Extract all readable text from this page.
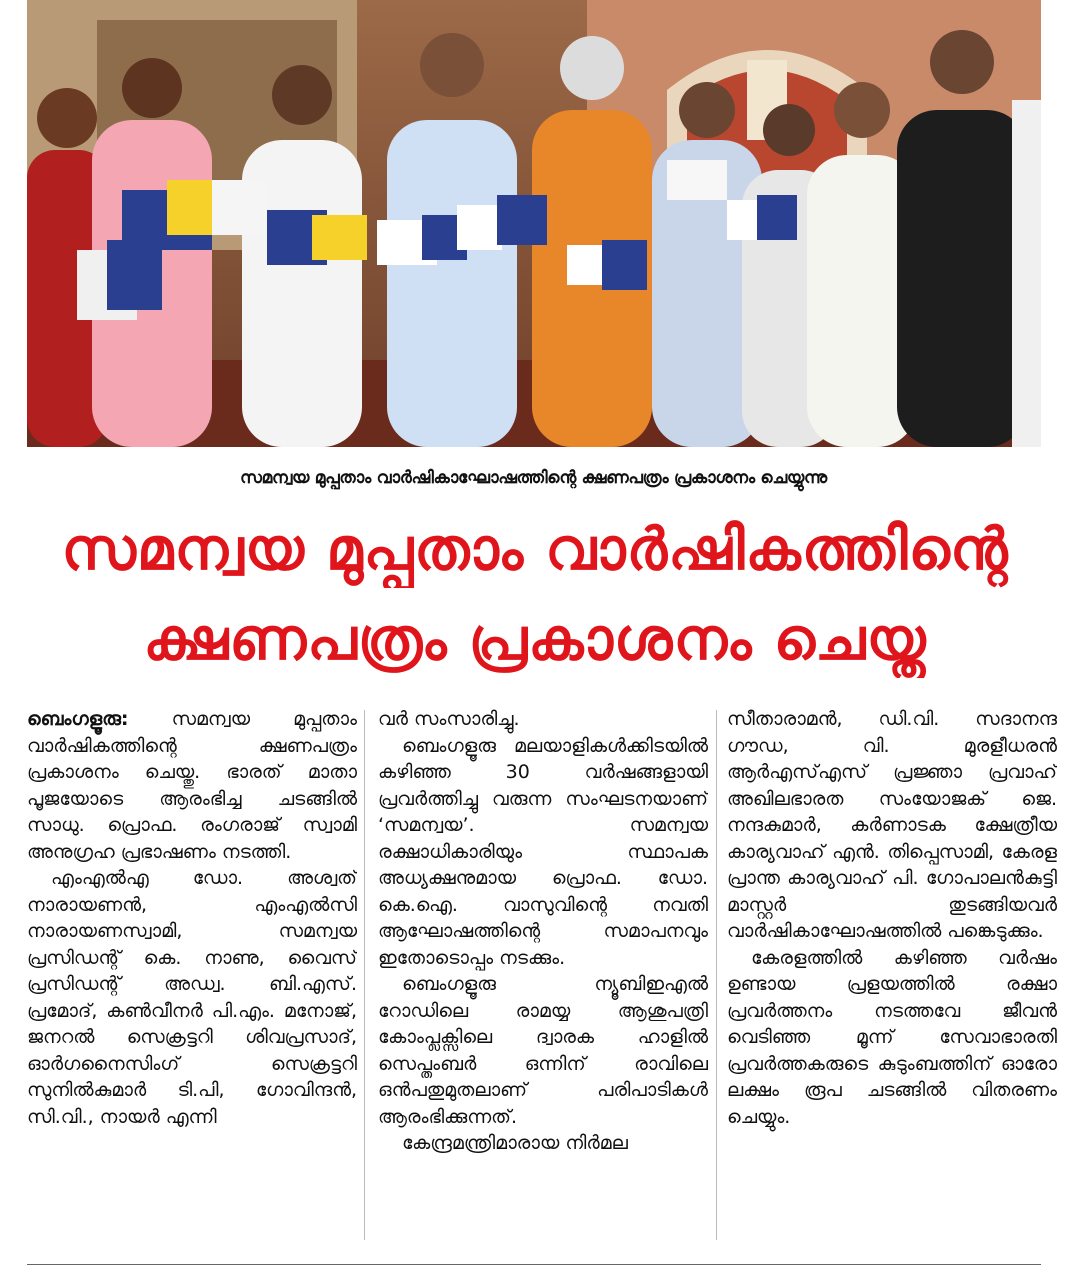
സമന്വയ മുപ്പതാം വാർഷികാഘോഷത്തിന്റെ ക്ഷണപത്രം പ്രകാശനം ചെയ്യുന്നു
സമന്വയ മുപ്പതാം വാർഷികത്തിന്റെ
ക്ഷണപത്രം പ്രകാശനം ചെയ്തു

ബെംഗളൂരു: സമന്വയ മുപ്പതാം വാർഷികത്തിന്റെ ക്ഷണപത്രം പ്രകാശനം ചെയ്തു. ഭാരത് മാതാ പൂജയോടെ ആരംഭിച്ച ചടങ്ങിൽ സാധു. പ്രൊഫ. രംഗരാജ് സ്വാമി അനുഗ്രഹ പ്രഭാഷണം നടത്തി.

എംഎൽഎ ഡോ. അശ്വത് നാരായണൻ, എംഎൽസി നാരായണസ്വാമി, സമന്വയ പ്രസിഡന്റ് കെ. നാണു, വൈസ് പ്രസിഡന്റ് അഡ്വ. ബി.എസ്. പ്രമോദ്, കൺവീനർ പി.എം. മനോജ്, ജനറൽ സെക്രട്ടറി ശിവപ്രസാദ്, ഓർഗനൈസിംഗ് സെക്രട്ടറി സുനിൽകുമാർ ടി.പി, ഗോവിന്ദൻ, സി.വി., നായർ എന്നി

വർ സംസാരിച്ചു.

ബെംഗളൂരു മലയാളികൾക്കിടയിൽ കഴിഞ്ഞ 30 വർഷങ്ങളായി പ്രവർത്തിച്ചു വരുന്ന സംഘടനയാണ് ‘സമന്വയ’. സമന്വയ രക്ഷാധികാരിയും സ്ഥാപക അധ്യക്ഷനുമായ പ്രൊഫ. ഡോ. കെ.ഐ. വാസുവിന്റെ നവതി ആഘോഷത്തിന്റെ സമാപനവും ഇതോടൊപ്പം നടക്കും.

ബെംഗളൂരു ന്യൂബിഇഎൽ റോഡിലെ രാമയ്യ ആശുപത്രി കോംപ്ലക്സിലെ ദ്വാരക ഹാളിൽ സെപ്തംബർ ഒന്നിന് രാവിലെ ഒൻപതുമുതലാണ് പരിപാടികൾ ആരംഭിക്കുന്നത്.

കേന്ദ്രമന്ത്രിമാരായ നിർമല

സീതാരാമൻ, ഡി.വി. സദാനന്ദ ഗൗഡ, വി. മുരളീധരൻ ആർഎസ്എസ് പ്രജ്ഞാ പ്രവാഹ് അഖിലഭാരത സംയോജക് ജെ. നന്ദകുമാർ, കർണാടക ക്ഷേത്രീയ കാര്യവാഹ് എൻ. തിപ്പെസാമി, കേരള പ്രാന്ത കാര്യവാഹ് പി. ഗോപാലൻകുട്ടി മാസ്റ്റർ തുടങ്ങിയവർ വാർഷികാഘോഷത്തിൽ പങ്കെടുക്കും.

കേരളത്തിൽ കഴിഞ്ഞ വർഷം ഉണ്ടായ പ്രളയത്തിൽ രക്ഷാ പ്രവർത്തനം നടത്തവേ ജീവൻ വെടിഞ്ഞ മൂന്ന് സേവാഭാരതി പ്രവർത്തകരുടെ കുടുംബത്തിന് ഓരോ ലക്ഷം രൂപ ചടങ്ങിൽ വിതരണം ചെയ്യും.
